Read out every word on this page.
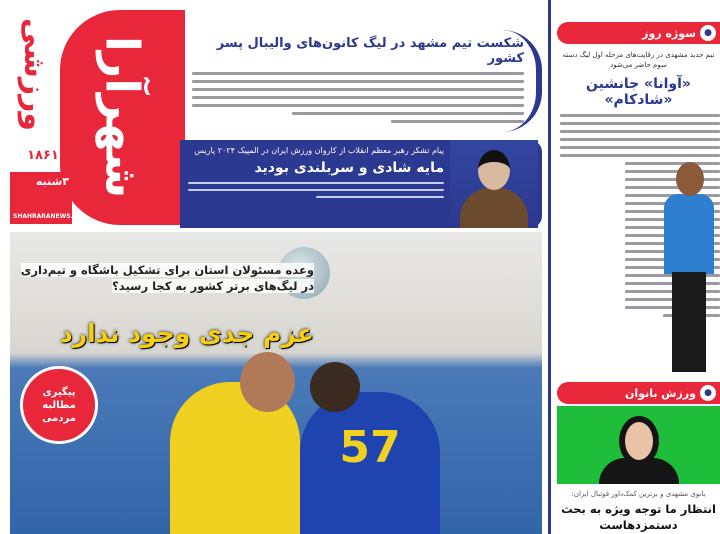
شهرآرا
ورزشی
۱۸۶۱
۳شنبه
SHAHRARANEWS.IR
شکست تیم مشهد در لیگ کانون‌های والیبال پسر کشور
پیام تشکر رهبر معظم انقلاب از کاروان ورزش ایران در المپیک ۲۰۲۴ پاریس
مایه شادی و سربلندی بودید
57
وعده مسئولان استان برای تشکیل باشگاه و تیم‌داری در لیگ‌های برتر کشور به کجا رسید؟
عزم جدی وجود ندارد
پیگیری مطالبه مردمی
●
سوژه روز
تیم جدید مشهدی در رقابت‌های مرحله اول لیگ دسته سوم حاضر می‌شود
«آوانا» جانشین «شادکام»
●
ورزش بانوان
بانوی مشهدی و برترین کمک‌داور فوتبال ایران:
انتظار ما توجه ویژه به بحث دستمزدهاست
